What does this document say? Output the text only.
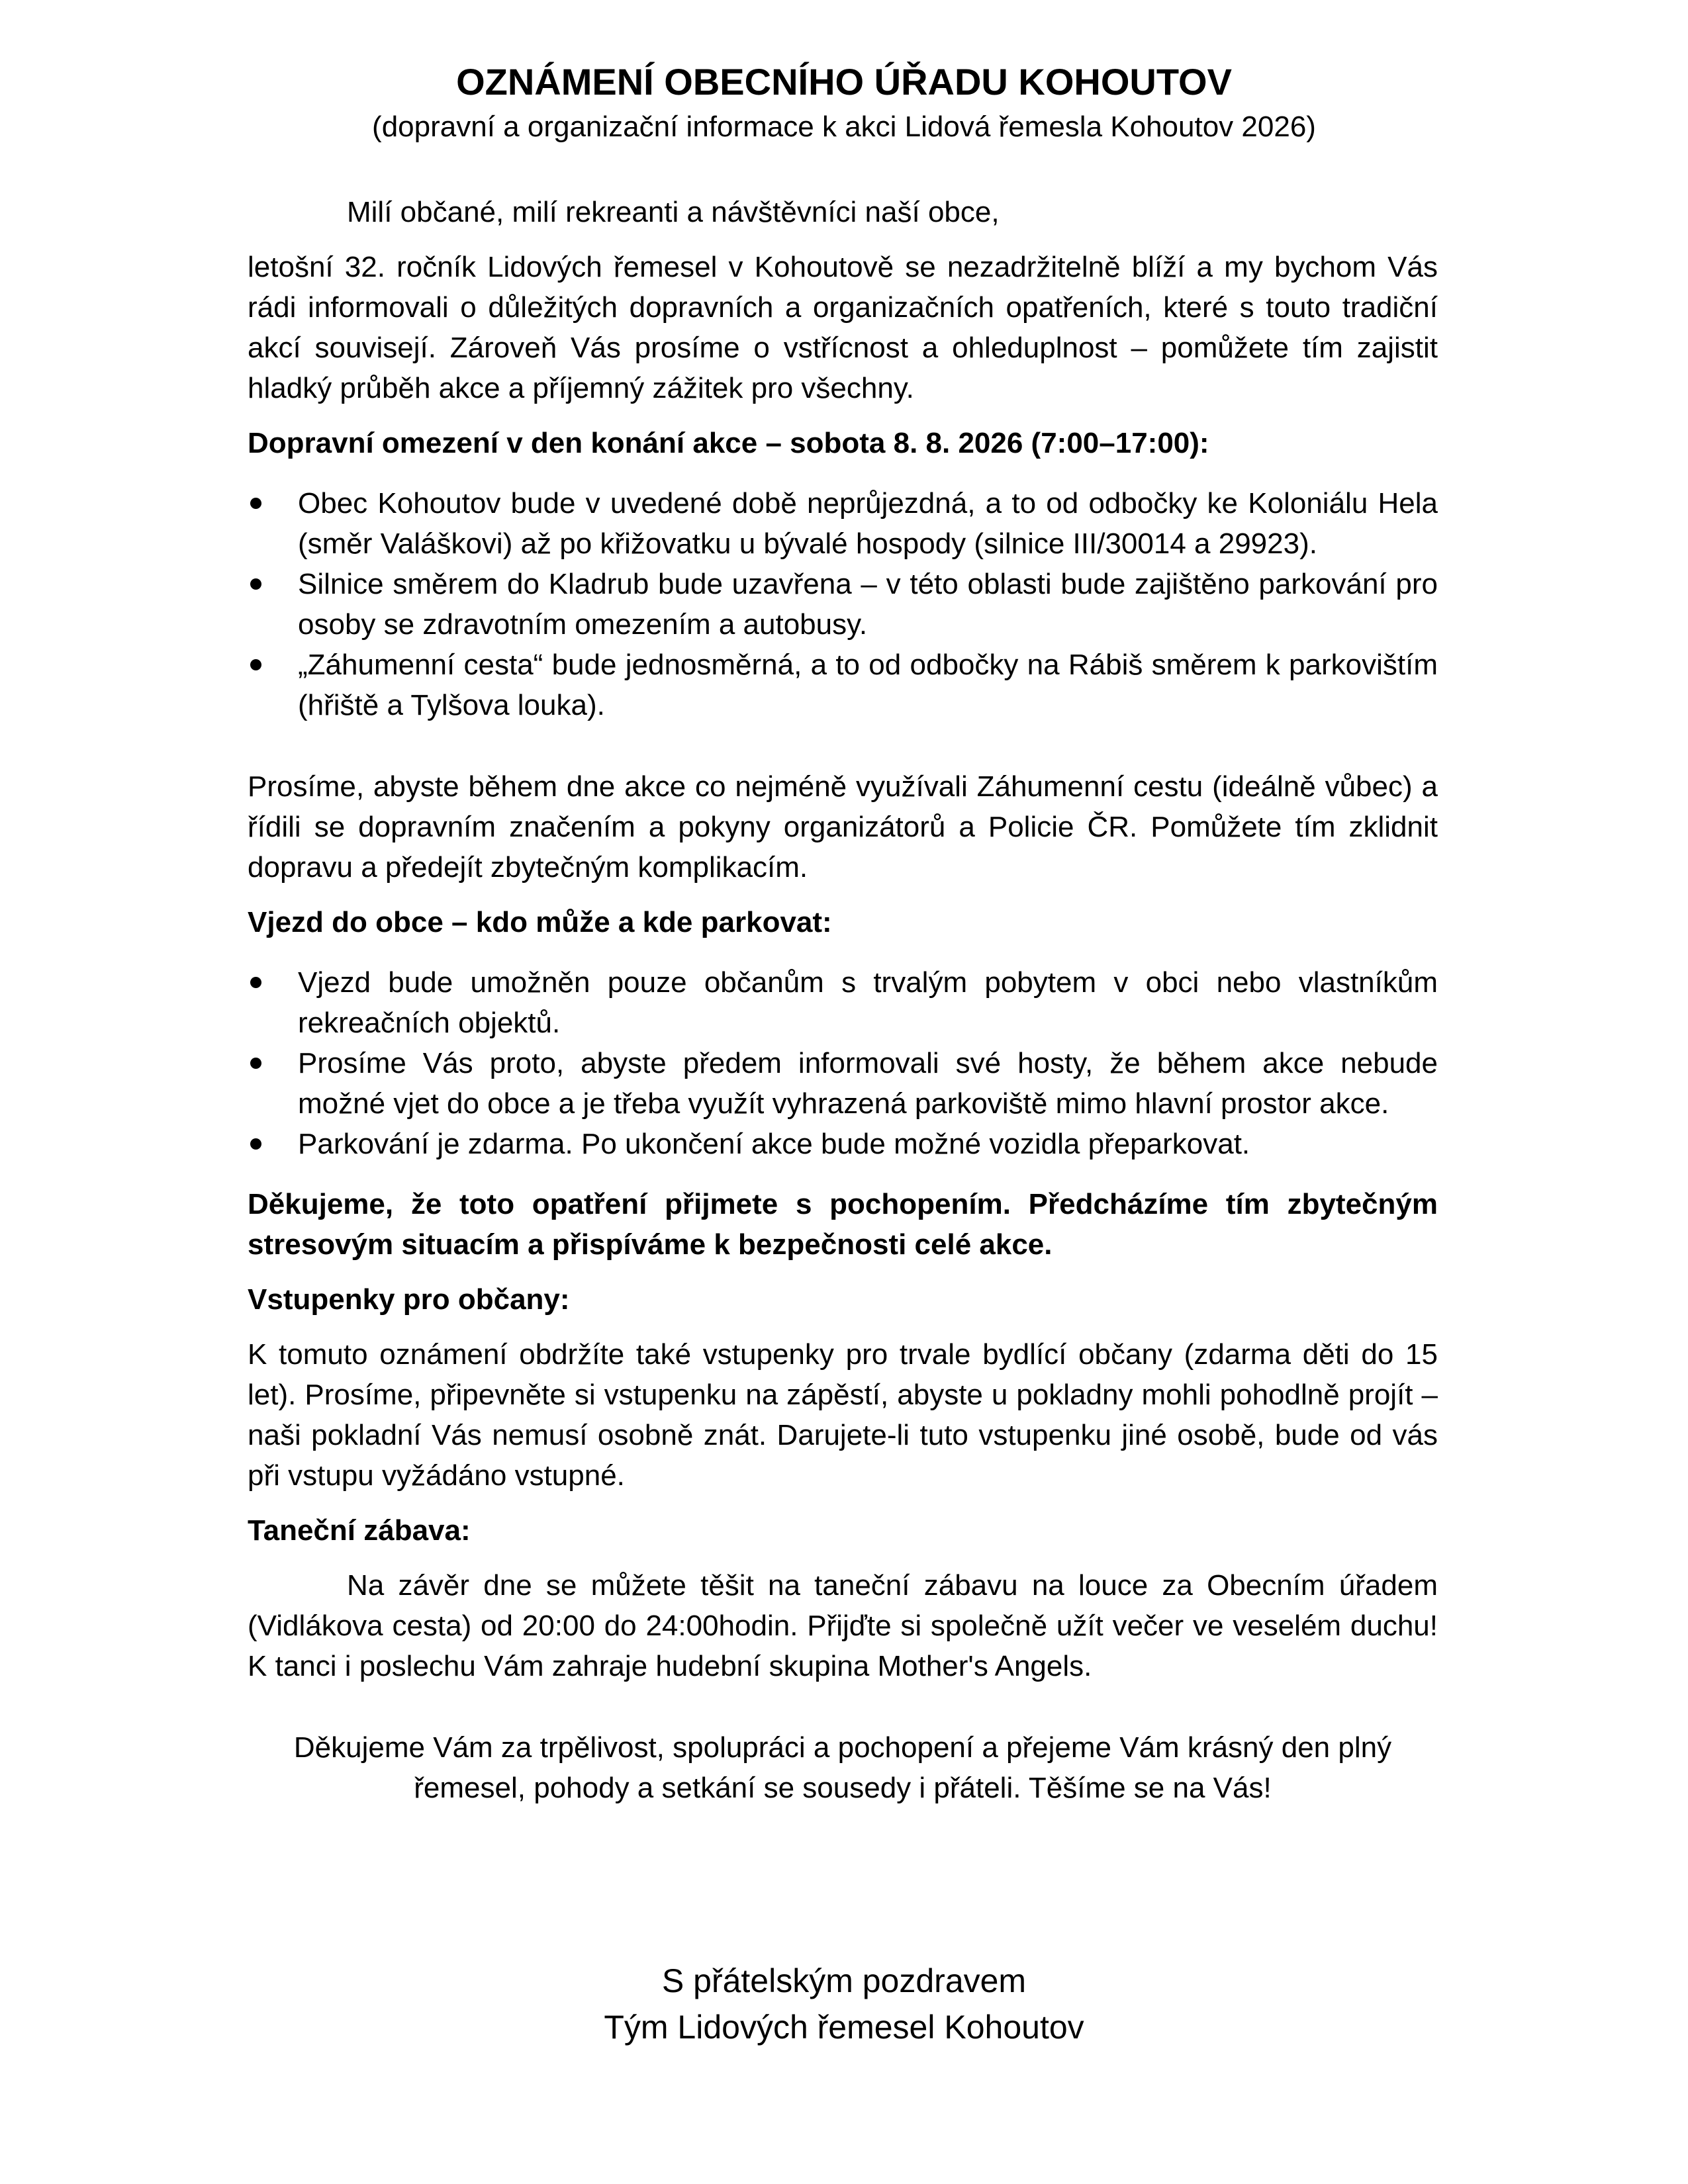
OZNÁMENÍ OBECNÍHO ÚŘADU KOHOUTOV

(dopravní a organizační informace k akci Lidová řemesla Kohoutov 2026)

Milí občané, milí rekreanti a návštěvníci naší obce,

letošní 32. ročník Lidových řemesel v Kohoutově se nezadržitelně blíží a my bychom Vás rádi informovali o důležitých dopravních a organizačních opatřeních, které s touto tradiční akcí souvisejí. Zároveň Vás prosíme o vstřícnost a ohleduplnost – pomůžete tím zajistit hladký průběh akce a příjemný zážitek pro všechny.

Dopravní omezení v den konání akce – sobota 8. 8. 2026 (7:00–17:00):

Obec Kohoutov bude v uvedené době neprůjezdná, a to od odbočky ke Koloniálu Hela (směr Valáškovi) až po křižovatku u bývalé hospody (silnice III/30014 a 29923).
Silnice směrem do Kladrub bude uzavřena – v této oblasti bude zajištěno parkování pro osoby se zdravotním omezením a autobusy.
„Záhumenní cesta“ bude jednosměrná, a to od odbočky na Rábiš směrem k parkovištím (hřiště a Tylšova louka).

Prosíme, abyste během dne akce co nejméně využívali Záhumenní cestu (ideálně vůbec) a řídili se dopravním značením a pokyny organizátorů a Policie ČR. Pomůžete tím zklidnit dopravu a předejít zbytečným komplikacím.

Vjezd do obce – kdo může a kde parkovat:

Vjezd bude umožněn pouze občanům s trvalým pobytem v obci nebo vlastníkům rekreačních objektů.
Prosíme Vás proto, abyste předem informovali své hosty, že během akce nebude možné vjet do obce a je třeba využít vyhrazená parkoviště mimo hlavní prostor akce.
Parkování je zdarma. Po ukončení akce bude možné vozidla přeparkovat.

Děkujeme, že toto opatření přijmete s pochopením. Předcházíme tím zbytečným stresovým situacím a přispíváme k bezpečnosti celé akce.

Vstupenky pro občany:

K tomuto oznámení obdržíte také vstupenky pro trvale bydlící občany (zdarma děti do 15 let). Prosíme, připevněte si vstupenku na zápěstí, abyste u pokladny mohli pohodlně projít – naši pokladní Vás nemusí osobně znát. Darujete-li tuto vstupenku jiné osobě, bude od vás při vstupu vyžádáno vstupné.

Taneční zábava:

Na závěr dne se můžete těšit na taneční zábavu na louce za Obecním úřadem (Vidlákova cesta) od 20:00 do 24:00hodin. Přijďte si společně užít večer ve veselém duchu! K tanci i poslechu Vám zahraje hudební skupina Mother's Angels.

Děkujeme Vám za trpělivost, spolupráci a pochopení a přejeme Vám krásný den plný řemesel, pohody a setkání se sousedy i přáteli. Těšíme se na Vás!

S přátelským pozdravem
Tým Lidových řemesel Kohoutov
